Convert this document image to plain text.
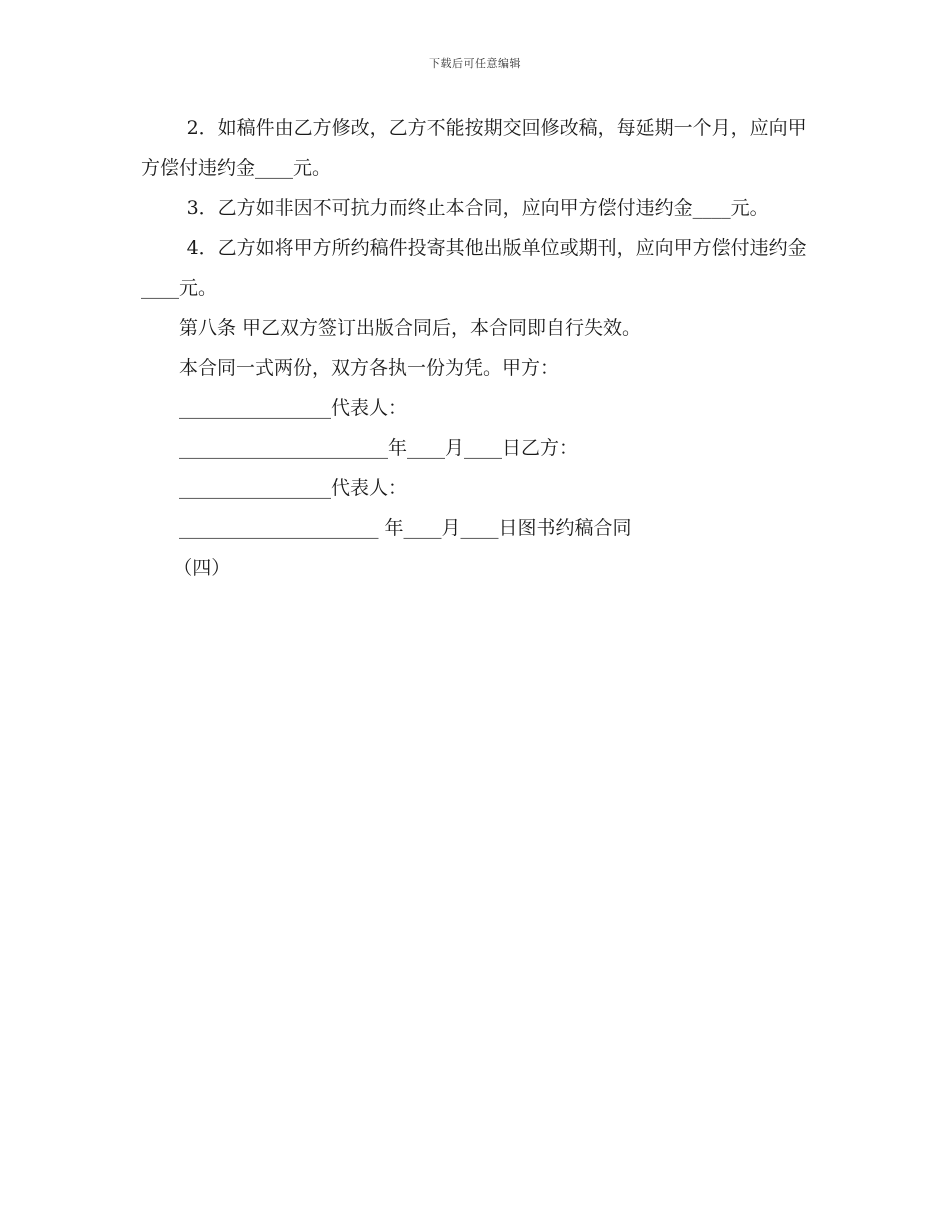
下载后可任意编辑

2．如稿件由乙方修改，乙方不能按期交回修改稿，每延期一个月，应向甲方偿付违约金____元。

3．乙方如非因不可抗力而终止本合同，应向甲方偿付违约金____元。

4．乙方如将甲方所约稿件投寄其他出版单位或期刊，应向甲方偿付违约金____元。

第八条 甲乙双方签订出版合同后，本合同即自行失效。

本合同一式两份，双方各执一份为凭。甲方：

________________代表人：

______________________年____月____日乙方：

________________代表人：

_____________________ 年____月____日图书约稿合同

（四）
